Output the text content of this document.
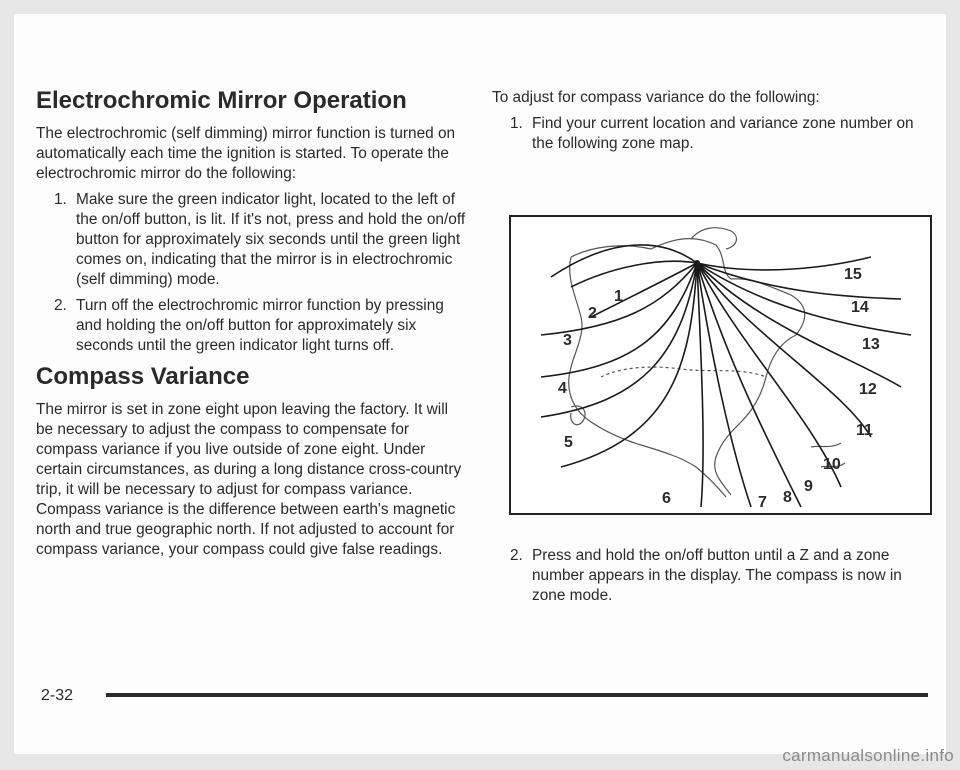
Electrochromic Mirror Operation

The electrochromic (self dimming) mirror function is turned on automatically each time the ignition is started. To operate the electrochromic mirror do the following:

1. Make sure the green indicator light, located to the left of the on/off button, is lit. If it's not, press and hold the on/off button for approximately six seconds until the green light comes on, indicating that the mirror is in electrochromic (self dimming) mode.
2. Turn off the electrochromic mirror function by pressing and holding the on/off button for approximately six seconds until the green indicator light turns off.
Compass Variance

The mirror is set in zone eight upon leaving the factory. It will be necessary to adjust the compass to compensate for compass variance if you live outside of zone eight. Under certain circumstances, as during a long distance cross-country trip, it will be necessary to adjust for compass variance. Compass variance is the difference between earth's magnetic north and true geographic north. If not adjusted to account for compass variance, your compass could give false readings.

To adjust for compass variance do the following:

1. Find your current location and variance zone number on the following zone map.
1
2
3
4
5
6	7 8
9
10
11
12
13
14
15
2. Press and hold the on/off button until a Z and a zone number appears in the display. The compass is now in zone mode.
2-32
carmanualsonline.info
